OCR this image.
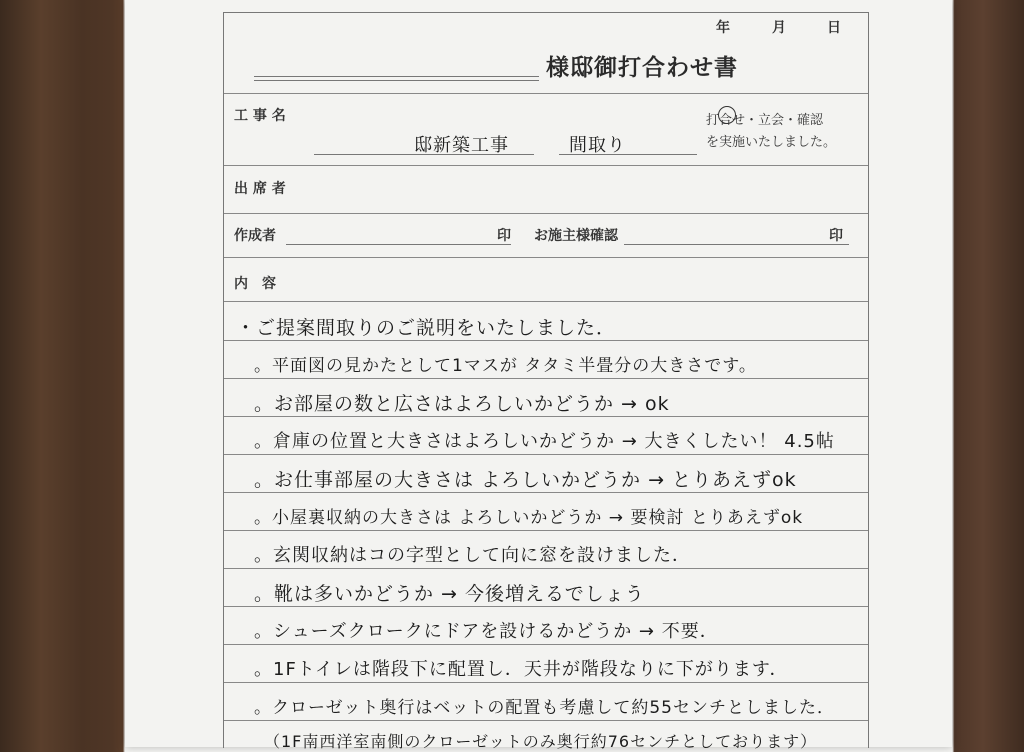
年	月	日
様邸御打合わせ書
工 事 名
邸新築工事	間取り
打合せ・立会・確認
を実施いたしました。
出 席 者
作成者	印 お施主様確認	印
内　容
・ご提案間取りのご説明をいたしました．
。平面図の見かたとして1マスが タタミ半畳分の大きさです。
。お部屋の数と広さはよろしいかどうか → ok
。倉庫の位置と大きさはよろしいかどうか → 大きくしたい！ 4.5帖
。お仕事部屋の大きさは よろしいかどうか → とりあえずok
。小屋裏収納の大きさは よろしいかどうか → 要検討 とりあえずok
。玄関収納はコの字型として向に窓を設けました．
。靴は多いかどうか → 今後増えるでしょう
。シューズクロークにドアを設けるかどうか → 不要．
。1Fトイレは階段下に配置し．天井が階段なりに下がります．
。クローゼット奥行はベットの配置も考慮して約55センチとしました．
（1F南西洋室南側のクローゼットのみ奥行約76センチとしております）
